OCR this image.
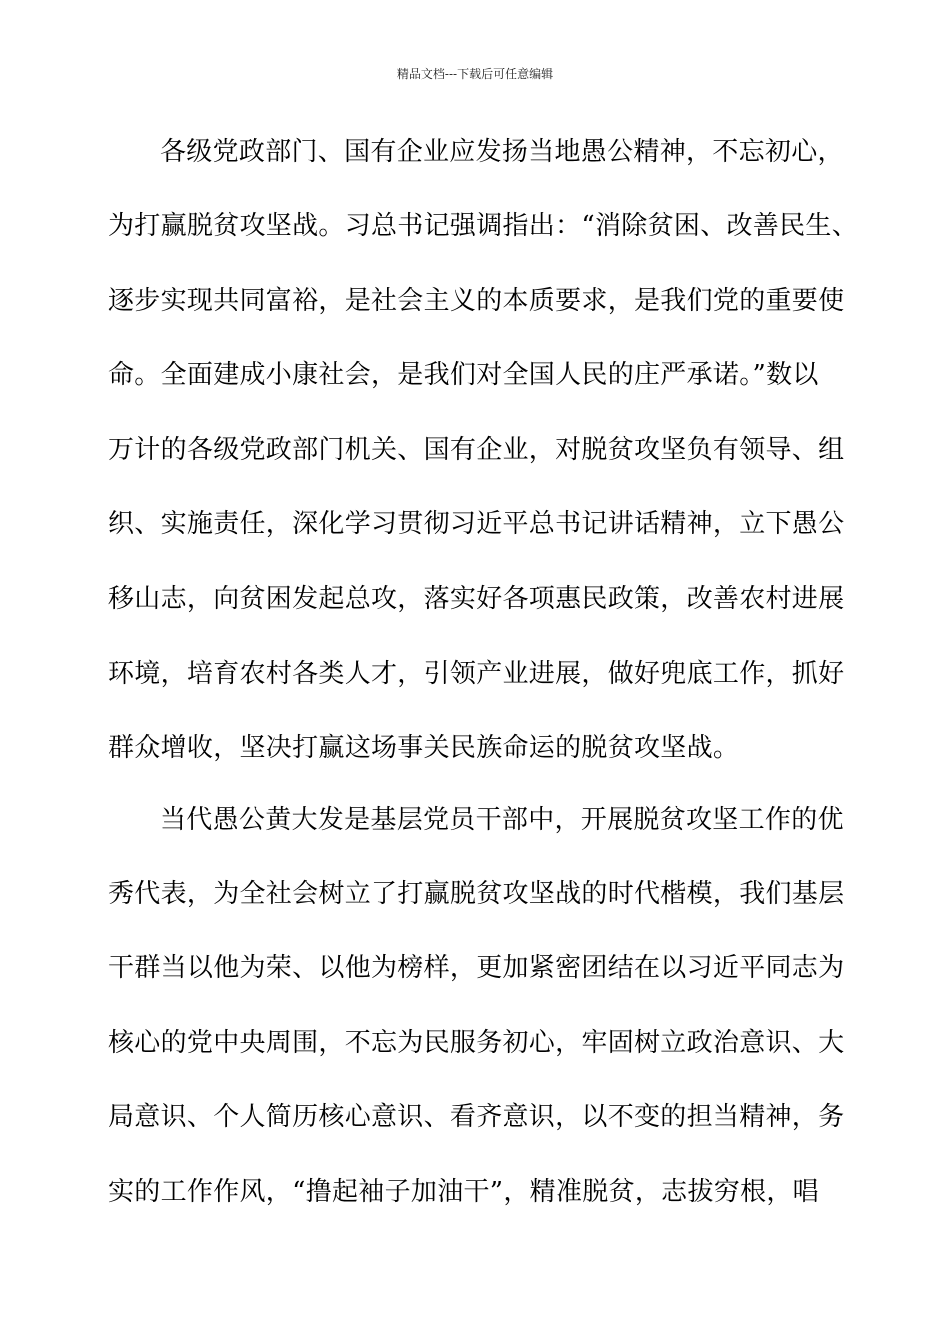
精品文档---下载后可任意编辑
各级党政部门、国有企业应发扬当地愚公精神，不忘初心，
为打赢脱贫攻坚战。习总书记强调指出：“消除贫困、改善民生、
逐步实现共同富裕，是社会主义的本质要求，是我们党的重要使
命。全面建成小康社会，是我们对全国人民的庄严承诺。”数以
万计的各级党政部门机关、国有企业，对脱贫攻坚负有领导、组
织、实施责任，深化学习贯彻习近平总书记讲话精神，立下愚公
移山志，向贫困发起总攻，落实好各项惠民政策，改善农村进展
环境，培育农村各类人才，引领产业进展，做好兜底工作，抓好
群众增收，坚决打赢这场事关民族命运的脱贫攻坚战。
当代愚公黄大发是基层党员干部中，开展脱贫攻坚工作的优
秀代表，为全社会树立了打赢脱贫攻坚战的时代楷模，我们基层
干群当以他为荣、以他为榜样，更加紧密团结在以习近平同志为
核心的党中央周围，不忘为民服务初心，牢固树立政治意识、大
局意识、个人简历核心意识、看齐意识，以不变的担当精神，务
实的工作作风，“撸起袖子加油干”，精准脱贫，志拔穷根，唱
